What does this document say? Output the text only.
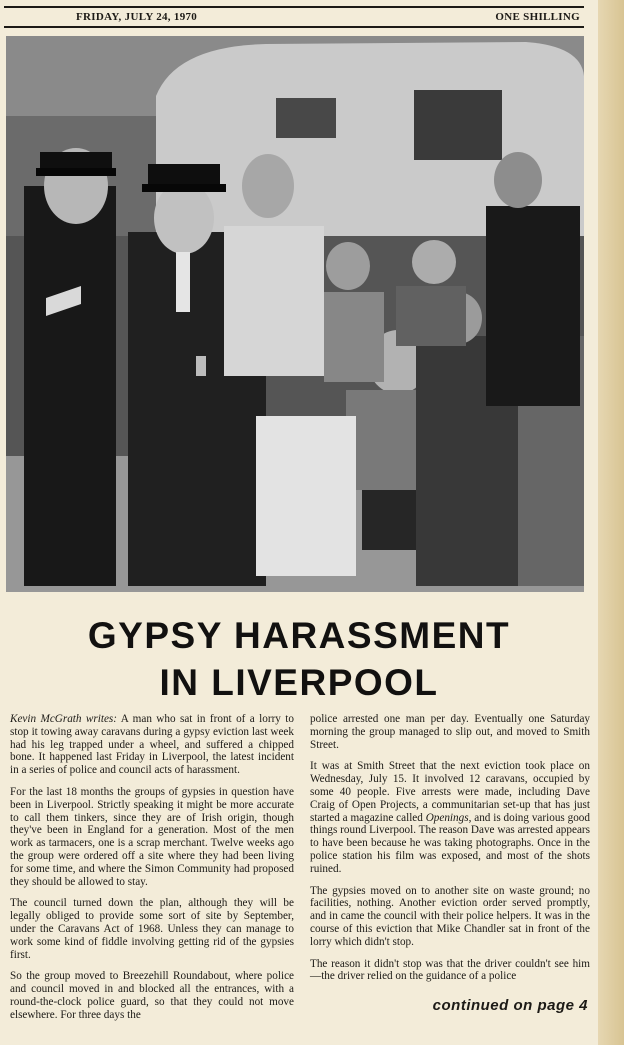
FRIDAY, JULY 24, 1970	ONE SHILLING
GYPSY HARASSMENT
IN LIVERPOOL

Kevin McGrath writes: A man who sat in front of a lorry to stop it towing away caravans during a gypsy eviction last week had his leg trapped under a wheel, and suffered a chipped bone. It happened last Friday in Liverpool, the latest incident in a series of police and council acts of harassment.

For the last 18 months the groups of gypsies in question have been in Liverpool. Strictly speaking it might be more accurate to call them tinkers, since they are of Irish origin, though they've been in England for a generation. Most of the men work as tarmacers, one is a scrap merchant. Twelve weeks ago the group were ordered off a site where they had been living for some time, and where the Simon Community had proposed they should be allowed to stay.

The council turned down the plan, although they will be legally obliged to provide some sort of site by September, under the Caravans Act of 1968. Unless they can manage to work some kind of fiddle involving getting rid of the gypsies first.

So the group moved to Breezehill Roundabout, where police and council moved in and blocked all the entrances, with a round-the-clock police guard, so that they could not move elsewhere. For three days the

police arrested one man per day. Eventually one Saturday morning the group managed to slip out, and moved to Smith Street.

It was at Smith Street that the next eviction took place on Wednesday, July 15. It involved 12 caravans, occupied by some 40 people. Five arrests were made, including Dave Craig of Open Projects, a communitarian set-up that has just started a magazine called Openings, and is doing various good things round Liverpool. The reason Dave was arrested appears to have been because he was taking photographs. Once in the police station his film was exposed, and most of the shots ruined.

The gypsies moved on to another site on waste ground; no facilities, nothing. Another eviction order served promptly, and in came the council with their police helpers. It was in the course of this eviction that Mike Chandler sat in front of the lorry which didn't stop.

The reason it didn't stop was that the driver couldn't see him—the driver relied on the guidance of a police

continued on page 4
